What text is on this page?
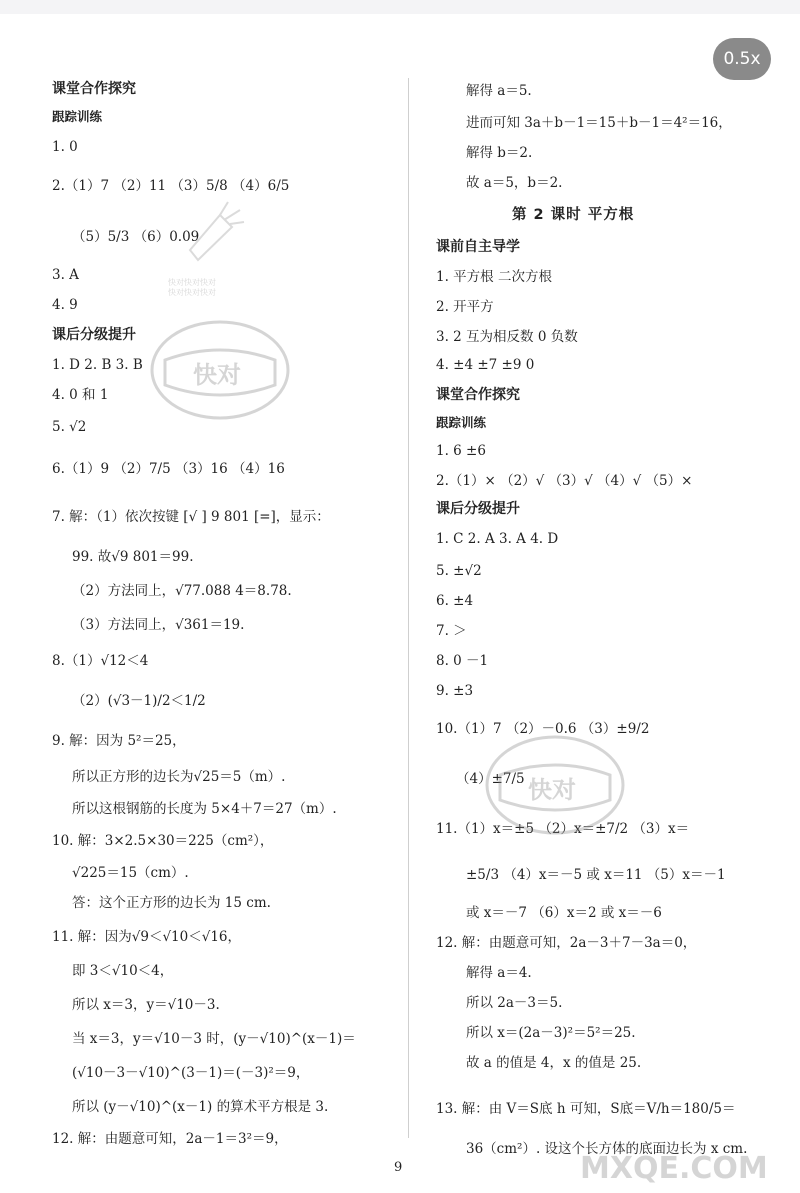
0.5x
课堂合作探究
跟踪训练
1. 0
2.（1）7 （2）11 （3）5/8 （4）6/5
（5）5/3 （6）0.09
3. A
4. 9
课后分级提升
1. D 2. B 3. B
4. 0 和 1
5. √2
6.（1）9 （2）7/5 （3）16 （4）16
7. 解：（1）依次按键 [√ ] 9 801 [=]，显示：
99. 故√9 801＝99.
（2）方法同上，√77.088 4＝8.78.
（3）方法同上，√361＝19.
8.（1）√12＜4
（2）(√3－1)/2＜1/2
9. 解：因为 5²＝25，
所以正方形的边长为√25＝5（m）.
所以这根钢筋的长度为 5×4＋7＝27（m）.
10. 解：3×2.5×30＝225（cm²），
√225＝15（cm）.
答：这个正方形的边长为 15 cm.
11. 解：因为√9＜√10＜√16，
即 3＜√10＜4，
所以 x＝3，y＝√10－3.
当 x＝3，y＝√10－3 时，(y－√10)^(x－1)＝
(√10－3－√10)^(3－1)＝(－3)²＝9，
所以 (y－√10)^(x－1) 的算术平方根是 3.
12. 解：由题意可知，2a－1＝3²＝9，
解得 a＝5.
进而可知 3a＋b－1＝15＋b－1＝4²＝16，
解得 b＝2.
故 a＝5，b＝2.
第 2 课时 平方根
课前自主导学
1. 平方根 二次方根
2. 开平方
3. 2 互为相反数 0 负数
4. ±4 ±7 ±9 0
课堂合作探究
跟踪训练
1. 6 ±6
2.（1）× （2）√ （3）√ （4）√ （5）×
课后分级提升
1. C 2. A 3. A 4. D
5. ±√2
6. ±4
7. ＞
8. 0 －1
9. ±3
10.（1）7 （2）－0.6 （3）±9/2
（4）±7/5
11.（1）x＝±5 （2）x＝±7/2 （3）x＝
±5/3 （4）x＝－5 或 x＝11 （5）x＝－1
或 x＝－7 （6）x＝2 或 x＝－6
12. 解：由题意可知，2a－3＋7－3a＝0，
解得 a＝4.
所以 2a－3＝5.
所以 x＝(2a－3)²＝5²＝25.
故 a 的值是 4，x 的值是 25.
13. 解：由 V＝S底 h 可知，S底＝V/h＝180/5＝
36（cm²）. 设这个长方体的底面边长为 x cm.
9
快对快对快对
快对快对快对
快对
快对
MXQE.COM
